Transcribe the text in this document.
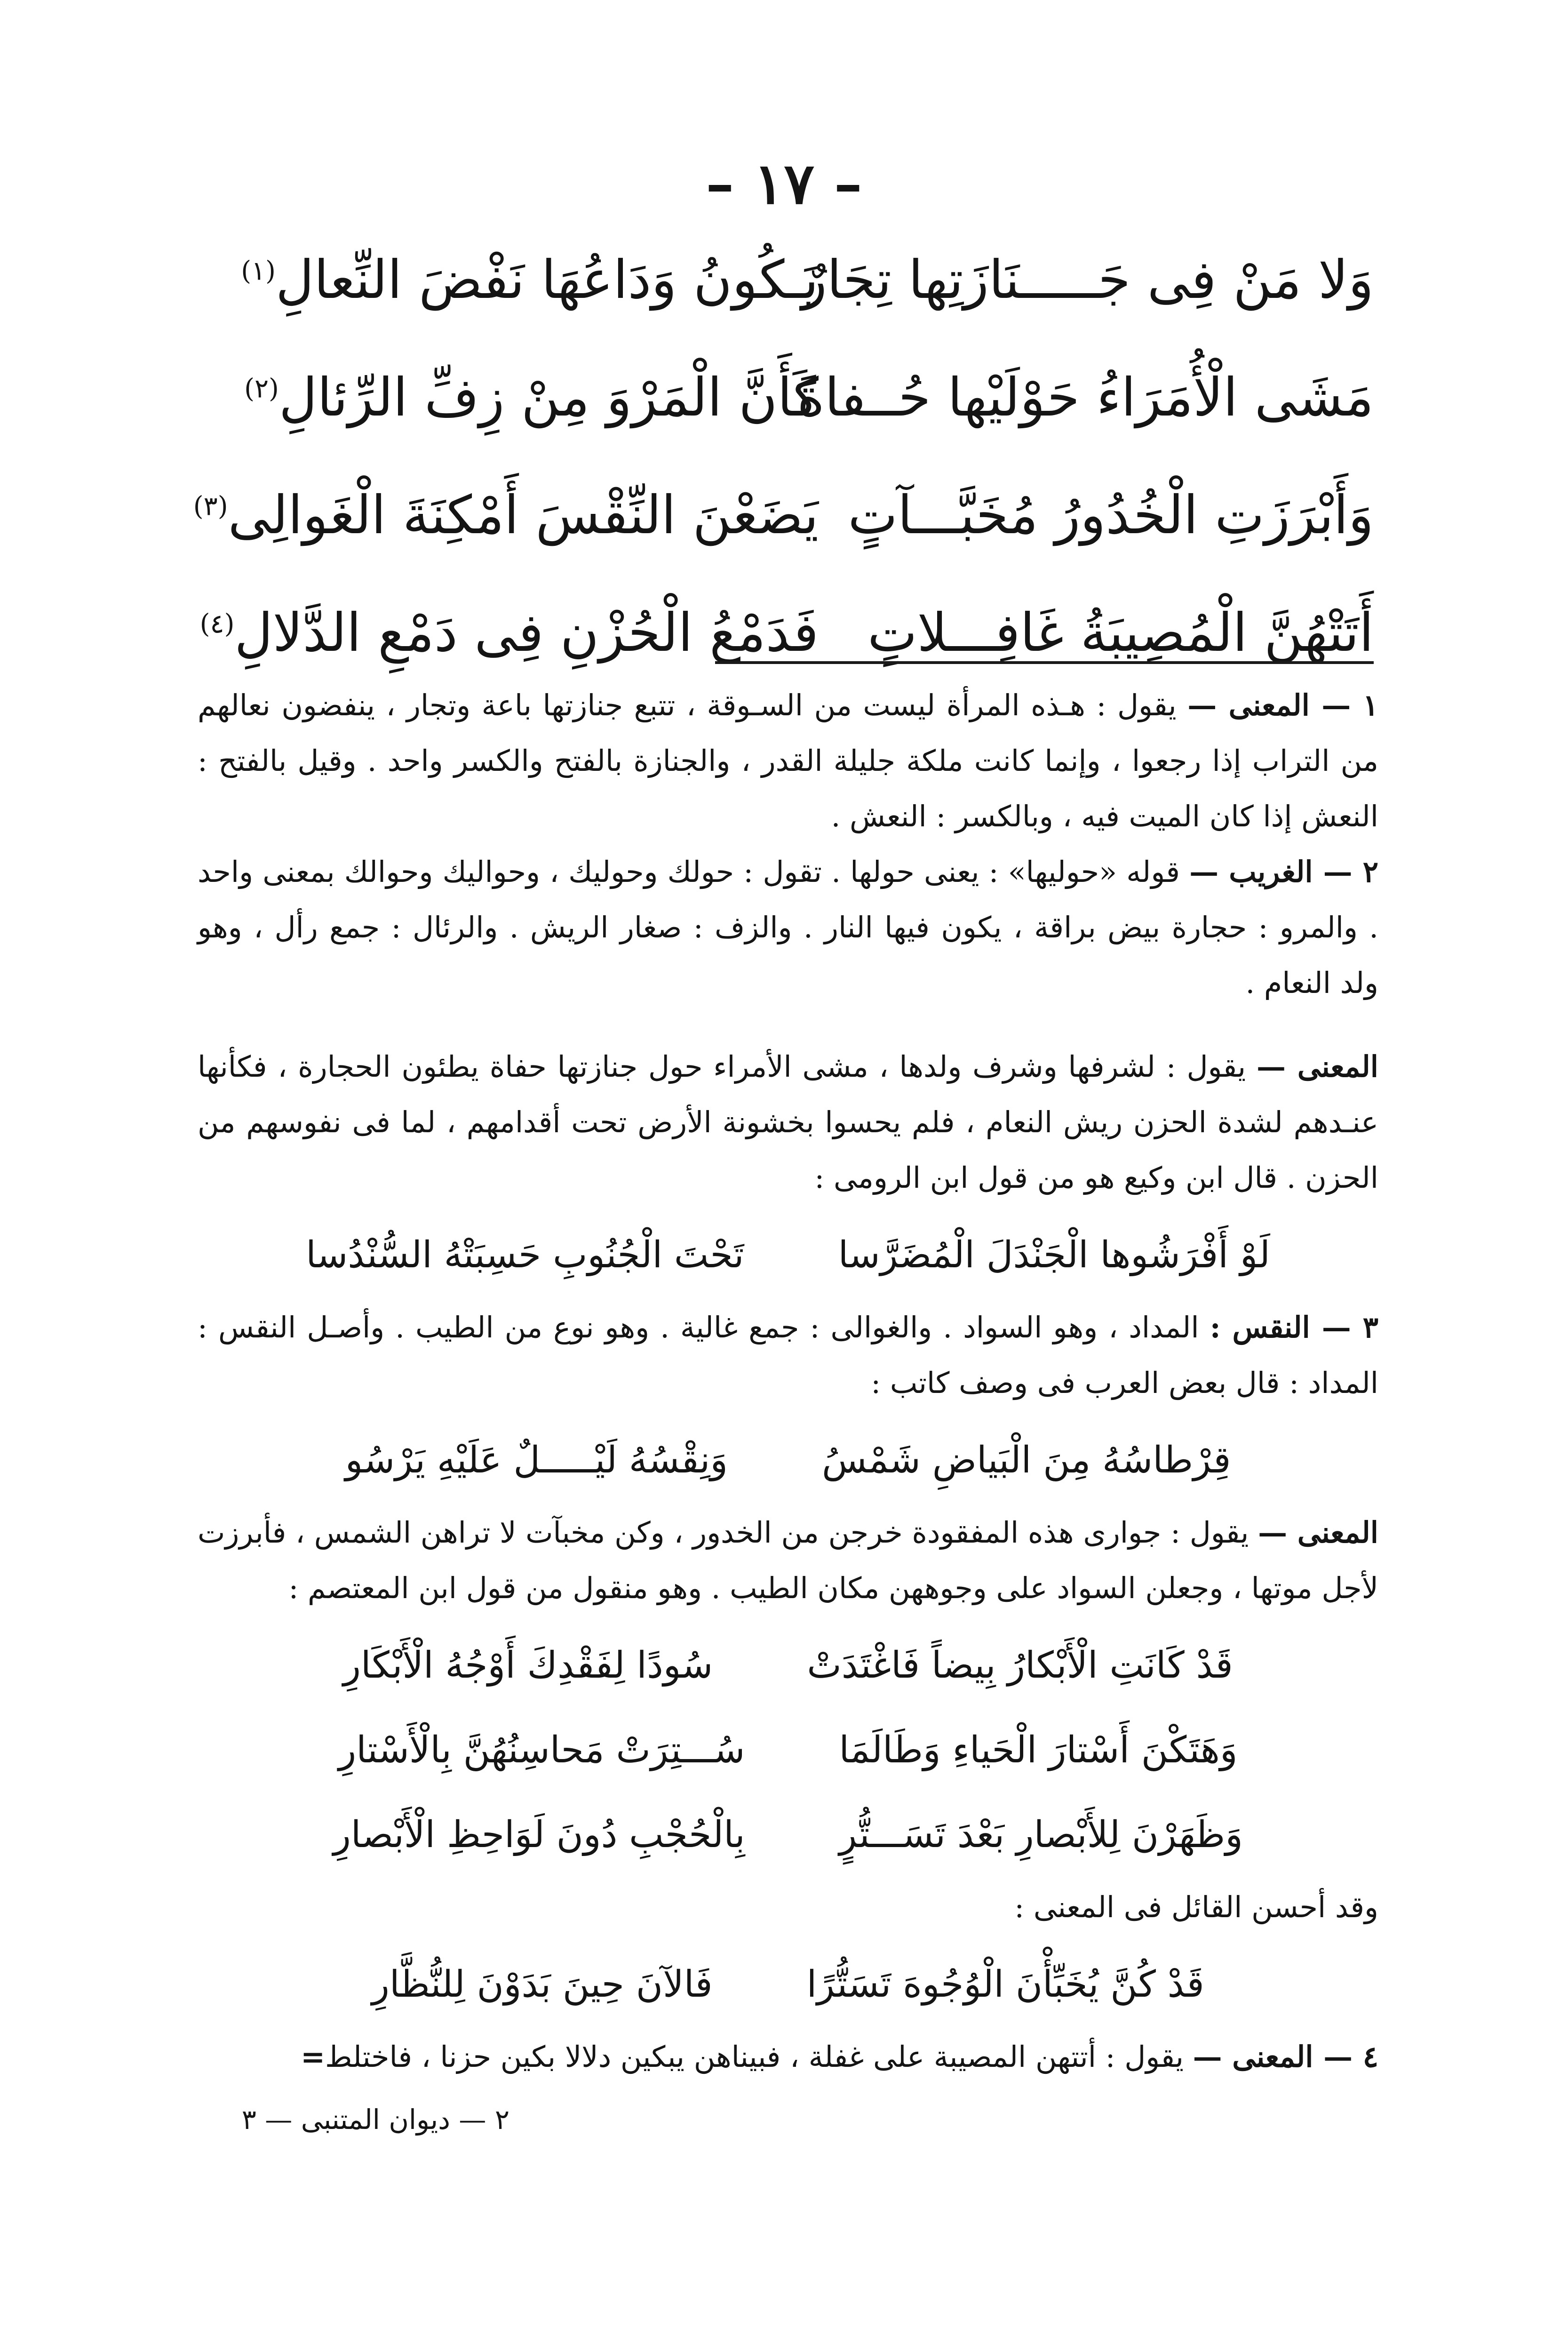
– ١٧ –
وَلا مَنْ فِى جَـــــنَازَتِها تِجَارٌ
يَـكُونُ وَدَاعُهَا نَفْضَ النِّعالِ$^{(١)}$
مَشَى الْأُمَرَاءُ حَوْلَيْها حُــفاةً
كَأَنَّ الْمَرْوَ مِنْ زِفِّ الرِّئالِ$^{(٢)}$
وَأَبْرَزَتِ الْخُدُورُ مُخَبَّـــآتٍ
يَضَعْنَ النِّقْسَ أَمْكِنَةَ الْغَوالِى$^{(٣)}$
أَتَتْهُنَّ الْمُصِيبَةُ غَافِـــلاتٍ
فَدَمْعُ الْحُزْنِ فِى دَمْعِ الدَّلالِ$^{(٤)}$

١ — المعنى — يقول : هـذه المرأة ليست من السـوقة ، تتبع جنازتها باعة وتجار ، ينفضون نعالهم من التراب إذا رجعوا ، وإنما كانت ملكة جليلة القدر ، والجنازة بالفتح والكسر واحد . وقيل بالفتح : النعش إذا كان الميت فيه ، وبالكسر : النعش .

٢ — الغريب — قوله «حوليها» : يعنى حولها . تقول : حولك وحوليك ، وحواليك وحوالك بمعنى واحد . والمرو : حجارة بيض براقة ، يكون فيها النار . والزف : صغار الريش . والرئال : جمع رأل ، وهو ولد النعام .

المعنى — يقول : لشرفها وشرف ولدها ، مشى الأمراء حول جنازتها حفاة يطئون الحجارة ، فكأنها عنـدهم لشدة الحزن ريش النعام ، فلم يحسوا بخشونة الأرض تحت أقدامهم ، لما فى نفوسهم من الحزن . قال ابن وكيع هو من قول ابن الرومى :

لَوْ أَفْرَشُوها الْجَنْدَلَ الْمُضَرَّسا
تَحْتَ الْجُنُوبِ حَسِبَتْهُ السُّنْدُسا

٣ — النقس : المداد ، وهو السواد . والغوالى : جمع غالية . وهو نوع من الطيب . وأصـل النقس : المداد : قال بعض العرب فى وصف كاتب :

قِرْطاسُهُ مِنَ الْبَياضِ شَمْسُ
وَنِقْسُهُ لَيْـــــلٌ عَلَيْهِ يَرْسُو

المعنى — يقول : جوارى هذه المفقودة خرجن من الخدور ، وكن مخبآت لا تراهن الشمس ، فأبرزت لأجل موتها ، وجعلن السواد على وجوههن مكان الطيب . وهو منقول من قول ابن المعتصم :

قَدْ كَانَتِ الْأَبْكارُ بِيضاً فَاغْتَدَتْ
سُودًا لِفَقْدِكَ أَوْجُهُ الْأَبْكَارِ
وَهَتَكْنَ أَسْتارَ الْحَياءِ وَطَالَمَا
سُـــتِرَتْ مَحاسِنُهُنَّ بِالْأَسْتارِ
وَظَهَرْنَ لِلأَبْصارِ بَعْدَ تَسَـــتُّرٍ
بِالْحُجْبِ دُونَ لَوَاحِظِ الْأَبْصارِ

وقد أحسن القائل فى المعنى :

قَدْ كُنَّ يُخَبِّأْنَ الْوُجُوهَ تَسَتُّرًا
فَالآنَ حِينَ بَدَوْنَ لِلنُّظَّارِ

٤ — المعنى — يقول : أتتهن المصيبة على غفلة ، فبيناهن يبكين دلالا بكين حزنا ، فاختلط=

٢ — ديوان المتنبى — ٣
